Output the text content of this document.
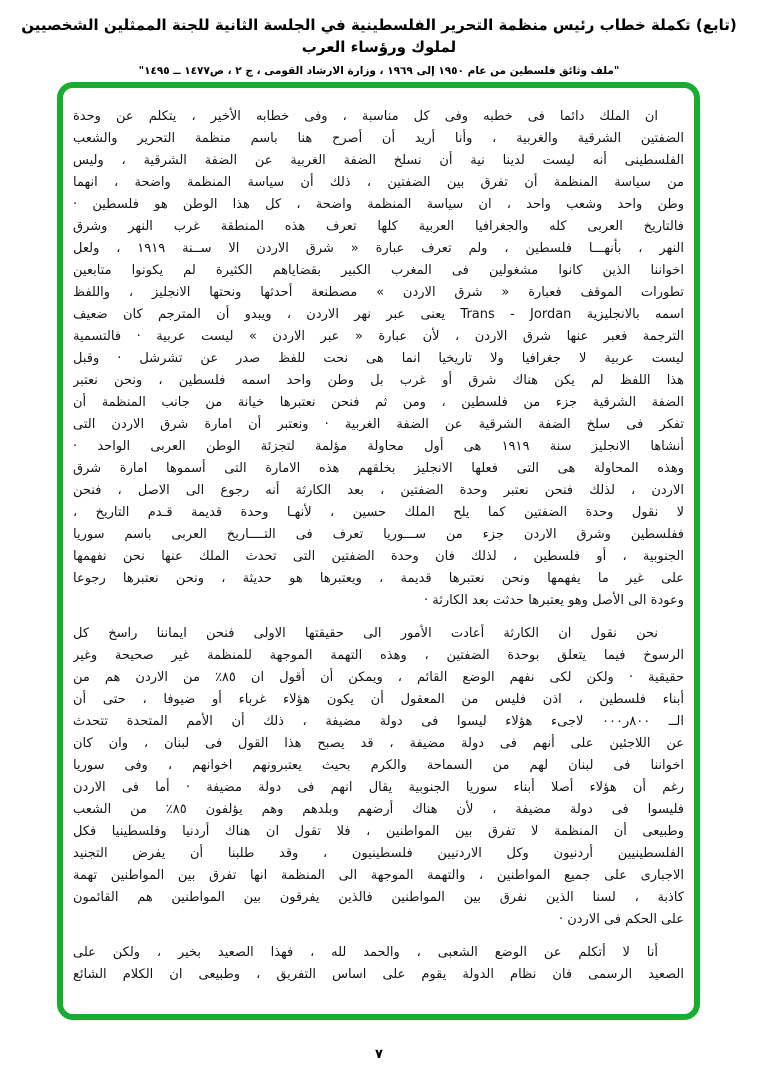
(تابع) تكملة خطاب رئيس منظمة التحرير الفلسطينية في الجلسة الثانية للجنة الممثلين الشخصيين لملوك ورؤساء العرب
"ملف وثائق فلسطين من عام ١٩٥٠ إلى ١٩٦٩ ، وزارة الارشاد القومى ، ج ٢ ، ص١٤٧٧ ــ ١٤٩٥"
ان الملك دائما فى خطبه وفى كل مناسبة ، وفى خطابه الأخير ، يتكلم عن وحدة
الضفتين الشرقية والغربية ، وأنا أريد أن أصرح هنا باسم منظمة التحرير والشعب
الفلسطينى أنه ليست لدينا نية أن نسلخ الضفة الغربية عن الضفة الشرقية ، وليس
من سياسة المنظمة أن تفرق بين الضفتين ، ذلك أن سياسة المنظمة واضحة ، انهما
وطن واحد وشعب واحد ، ان سياسة المنظمة واضحة ، كل هذا الوطن هو فلسطين ·
فالتاريخ العربى كله والجغرافيا العربية كلها تعرف هذه المنطقة غرب النهر وشرق
النهر ، بأنهـــا فلسطين ، ولم تعرف عبارة « شرق الاردن الا ســنة ١٩١٩ ، ولعل
اخواننا الذين كانوا مشغولين فى المغرب الكبير بقضاياهم الكثيرة لم يكونوا متابعين
تطورات الموقف فعبارة « شرق الاردن » مصطنعة أحدثها ونحتها الانجليز ، واللفظ
اسمه بالانجليزية Trans - Jordan يعنى عبر نهر الاردن ، ويبدو أن المترجم كان ضعيف
الترجمة فعبر عنها شرق الاردن ، لأن عبارة « عبر الاردن » ليست عربية · فالتسمية
ليست عربية لا جغرافيا ولا تاريخيا انما هى نحت للفظ صدر عن تشرشل · وقبل
هذا اللفظ لم يكن هناك شرق أو غرب بل وطن واحد اسمه فلسطين ، ونحن نعتبر
الضفة الشرقية جزء من فلسطين ، ومن ثم فنحن نعتبرها خيانة من جانب المنظمة أن
تفكر فى سلخ الضفة الشرقية عن الضفة الغربية · ونعتبر أن امارة شرق الاردن التى
أنشاها الانجليز سنة ١٩١٩ هى أول محاولة مؤلمة لتجزئة الوطن العربى الواحد ·
وهذه المحاولة هى التى فعلها الانجليز بخلقهم هذه الامارة التى أسموها امارة شرق
الاردن ، لذلك فنحن نعتبر وحدة الضفتين ، بعد الكارثة أنه رجوع الى الاصل ، فنحن
لا نقول وحدة الضفتين كما يلح الملك حسين ، لأنهـا وحدة قديمة قـدم التاريخ ،
ففلسطين وشرق الاردن جزء من ســـوريا تعرف فى التــــاريخ العربى باسم سوريا
الجنوبية ، أو فلسطين ، لذلك فان وحدة الضفتين التى تحدث الملك عنها نحن نفهمها
على غير ما يفهمها ونحن نعتبرها قديمة ، ويعتبرها هو حديثة ، ونحن نعتبرها رجوعا
وعودة الى الأصل وهو يعتبرها حدثت بعد الكارثة ·
نحن نقول ان الكارثة أعادت الأمور الى حقيقتها الاولى فنحن ايماننا راسخ كل
الرسوخ فيما يتعلق بوحدة الضفتين ، وهذه التهمة الموجهة للمنظمة غير صحيحة وغير
حقيقية · ولكن لكى نفهم الوضع القائم ، ويمكن أن أقول ان ٨٥٪ من الاردن هم من
أبناء فلسطين ، اذن فليس من المعقول أن يكون هؤلاء غرباء أو ضيوفا ، حتى أن
الــ ٨٠٠ر٠٠٠ لاجىء هؤلاء ليسوا فى دولة مضيفة ، ذلك أن الأمم المتحدة تتحدث
عن اللاجئين على أنهم فى دولة مضيفة ، قد يصبح هذا القول فى لبنان ، وان كان
اخواننا فى لبنان لهم من السماحة والكرم بحيث يعتبرونهم اخوانهم ، وفى سوريا
رغم أن هؤلاء أصلا أبناء سوريا الجنوبية يقال انهم فى دولة مضيفة · أما فى الاردن
فليسوا فى دولة مضيفة ، لأن هناك أرضهم وبلدهم وهم يؤلفون ٨٥٪ من الشعب
وطبيعى أن المنظمة لا تفرق بين المواطنين ، فلا تقول ان هناك أردنيا وفلسطينيا فكل
الفلسطينيين أردنيون وكل الاردنيين فلسطينيون ، وقد طلبنا أن يفرض التجنيد
الاجبارى على جميع المواطنين ، والتهمة الموجهة الى المنظمة انها تفرق بين المواطنين تهمة
كاذبة ، لسنا الذين نفرق بين المواطنين فالذين يفرقون بين المواطنين هم القائمون
على الحكم فى الاردن ·
أنا لا أتكلم عن الوضع الشعبى ، والحمد لله ، فهذا الصعيد بخير ، ولكن على
الصعيد الرسمى فان نظام الدولة يقوم على اساس التفريق ، وطبيعى ان الكلام الشائع
٧
